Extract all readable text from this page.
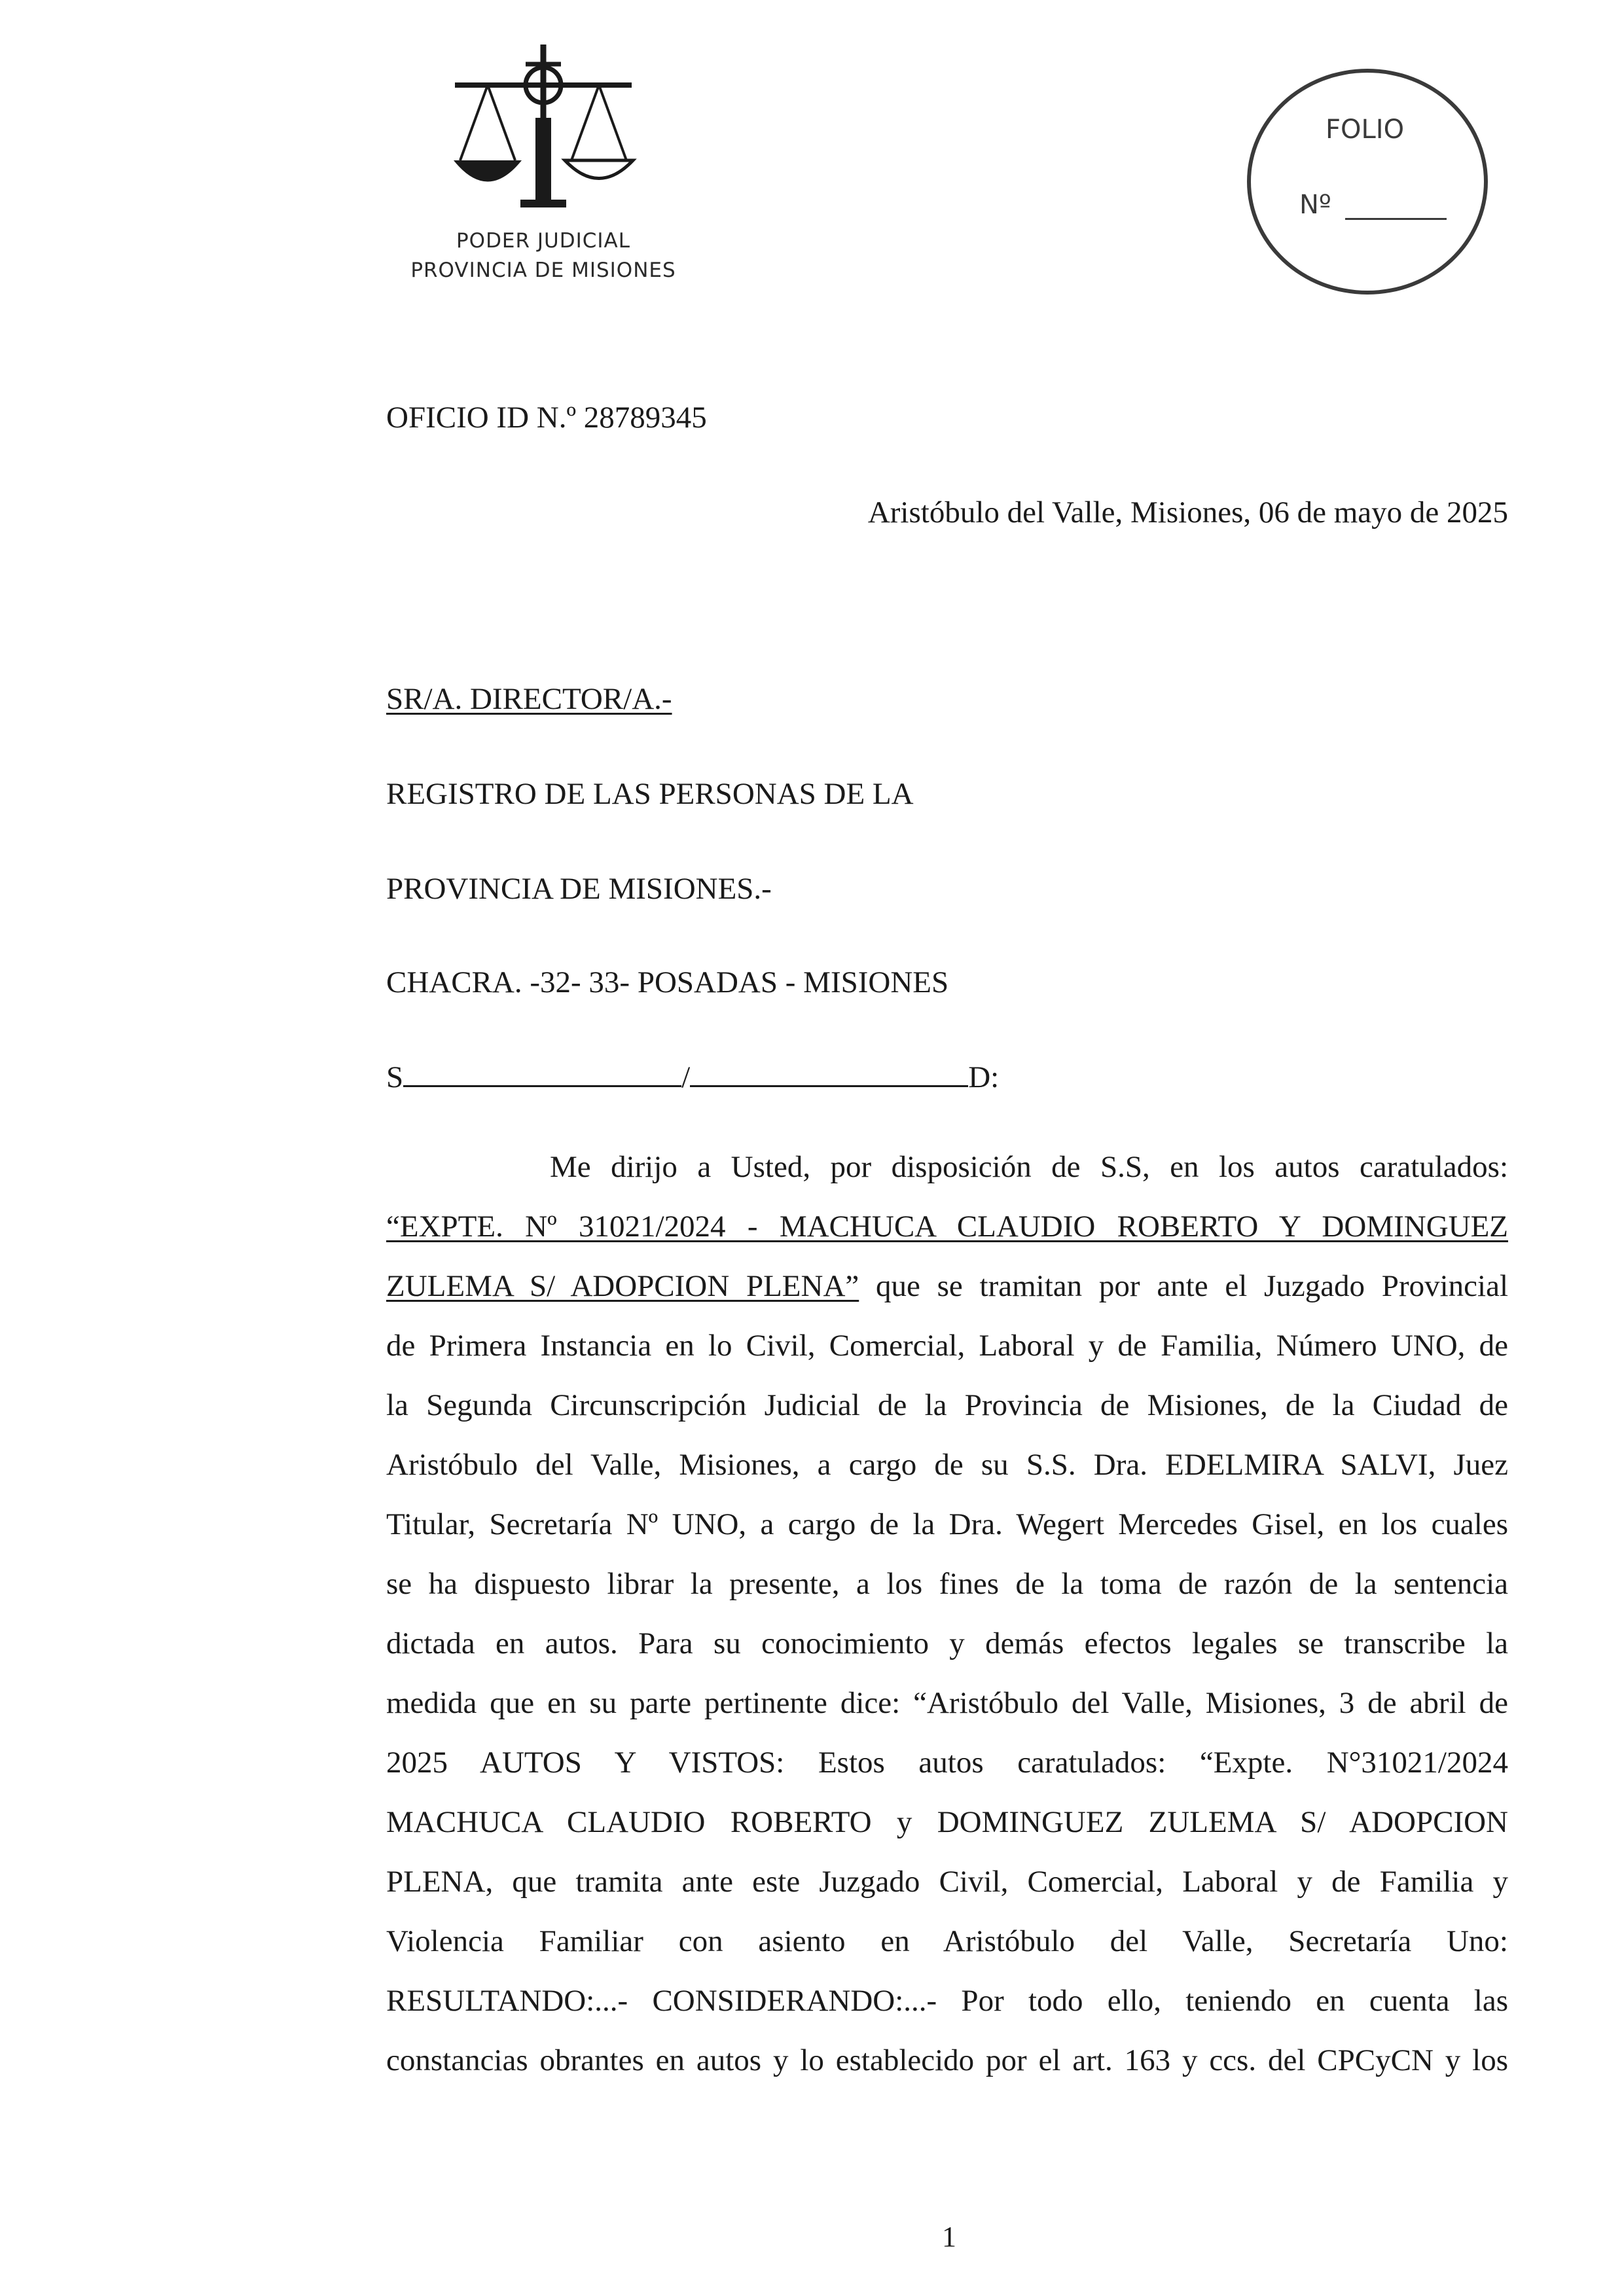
PODER JUDICIAL
PROVINCIA DE MISIONES
FOLIO
Nº
OFICIO ID N.º 28789345
Aristóbulo del Valle, Misiones, 06 de mayo de 2025
SR/A. DIRECTOR/A.-
REGISTRO DE LAS PERSONAS DE LA
PROVINCIA DE MISIONES.-
CHACRA. -32- 33- POSADAS - MISIONES
S	/	D:
Me dirijo a Usted, por disposición de S.S, en los autos caratulados:
“EXPTE. Nº 31021/2024 - MACHUCA CLAUDIO ROBERTO Y DOMINGUEZ
ZULEMA S/ ADOPCION PLENA” que se tramitan por ante el Juzgado Provincial
de Primera Instancia en lo Civil, Comercial, Laboral y de Familia, Número UNO, de
la Segunda Circunscripción Judicial de la Provincia de Misiones, de la Ciudad de
Aristóbulo del Valle, Misiones, a cargo de su S.S. Dra. EDELMIRA SALVI, Juez
Titular, Secretaría Nº UNO, a cargo de la Dra. Wegert Mercedes Gisel, en los cuales
se ha dispuesto librar la presente, a los fines de la toma de razón de la sentencia
dictada en autos. Para su conocimiento y demás efectos legales se transcribe la
medida que en su parte pertinente dice: “Aristóbulo del Valle, Misiones, 3 de abril de
2025 AUTOS Y VISTOS: Estos autos caratulados: “Expte. N°31021/2024
MACHUCA CLAUDIO ROBERTO y DOMINGUEZ ZULEMA S/ ADOPCION
PLENA, que tramita ante este Juzgado Civil, Comercial, Laboral y de Familia y
Violencia Familiar con asiento en Aristóbulo del Valle, Secretaría Uno:
RESULTANDO:...- CONSIDERANDO:...- Por todo ello, teniendo en cuenta las
constancias obrantes en autos y lo establecido por el art. 163 y ccs. del CPCyCN y los
1
